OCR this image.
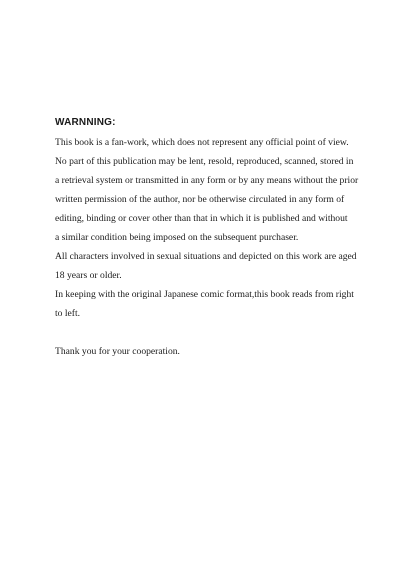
WARNNING:
This book is a fan-work, which does not represent any official point of view.
No part of this publication may be lent, resold, reproduced, scanned, stored in
a retrieval system or transmitted in any form or by any means without the prior
written permission of the author, nor be otherwise circulated in any form of
editing, binding or cover other than that in which it is published and without
a similar condition being imposed on the subsequent purchaser.
All characters involved in sexual situations and depicted on this work are aged
18 years or older.
In keeping with the original Japanese comic format,this book reads from right
to left.
Thank you for your cooperation.
